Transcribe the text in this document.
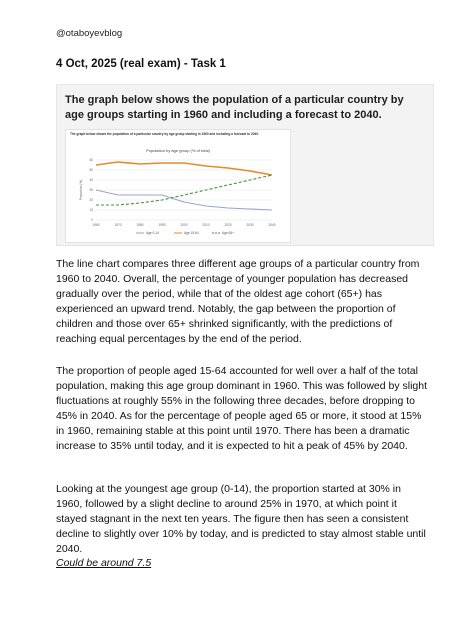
@otaboyevblog
4 Oct, 2025 (real exam) - Task 1
The graph below shows the population of a particular country by age groups starting in 1960 and including a forecast to 2040.
The graph below shows the population of a particular country by age group starting in 1960 and including a forecast to 2040.
Population by age group (% of total)
0
10
20
30
40
50
60
1960	1970	1980	1990	2000	2010	2020	2030	2040
Proportion (%)
Age 0-14	Age 15-64	Age 65+

The line chart compares three different age groups of a particular country from 1960 to 2040. Overall, the percentage of younger population has decreased gradually over the period, while that of the oldest age cohort (65+) has experienced an upward trend. Notably, the gap between the proportion of children and those over 65+ shrinked significantly, with the predictions of reaching equal percentages by the end of the period.

The proportion of people aged 15-64 accounted for well over a half of the total population, making this age group dominant in 1960. This was followed by slight fluctuations at roughly 55% in the following three decades, before dropping to 45% in 2040. As for the percentage of people aged 65 or more, it stood at 15% in 1960, remaining stable at this point until 1970. There has been a dramatic increase to 35% until today, and it is expected to hit a peak of 45% by 2040.

Looking at the youngest age group (0-14), the proportion started at 30% in 1960, followed by a slight decline to around 25% in 1970, at which point it stayed stagnant in the next ten years. The figure then has seen a consistent decline to slightly over 10% by today, and is predicted to stay almost stable until 2040.

Could be around 7.5
